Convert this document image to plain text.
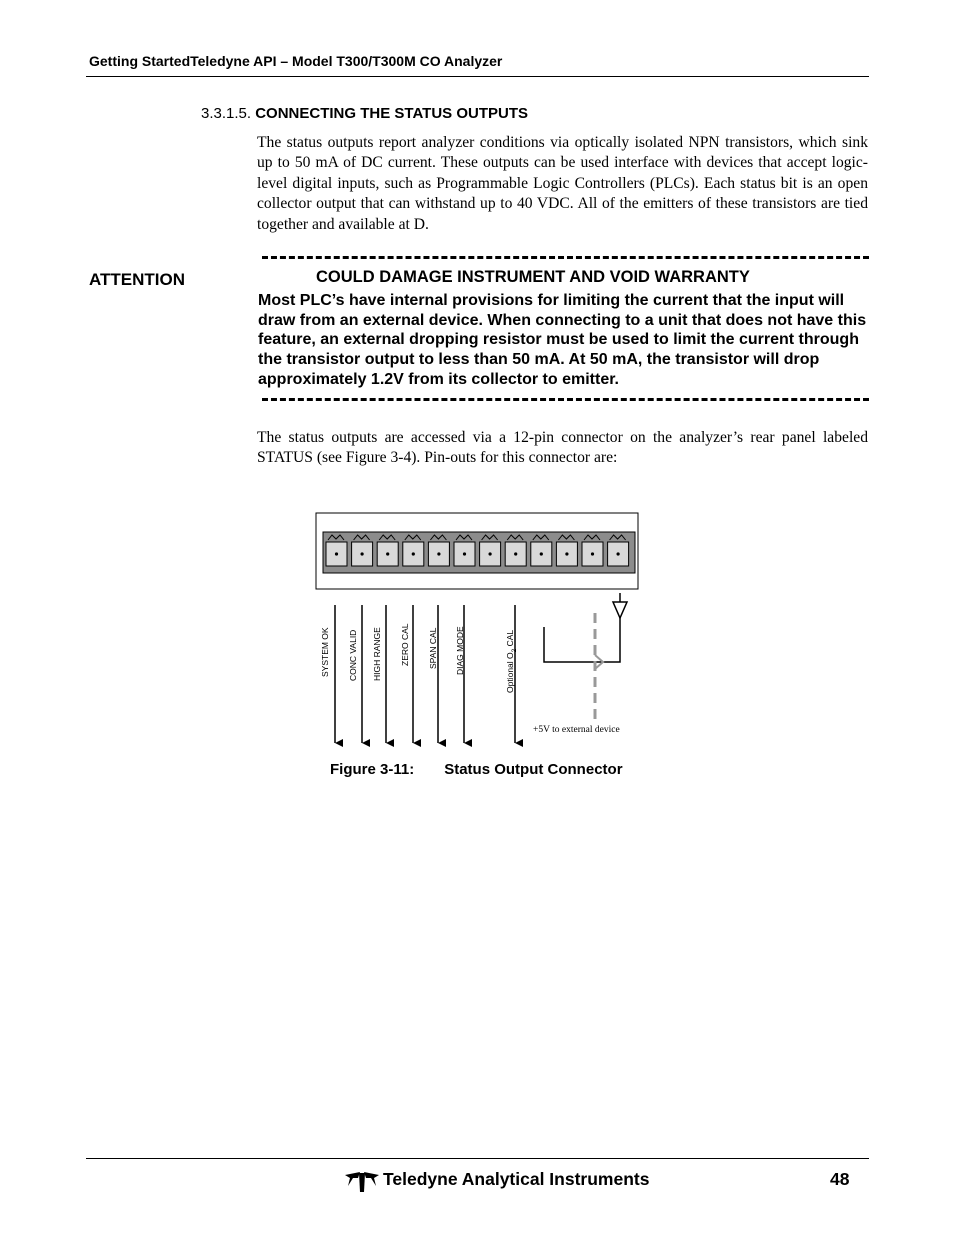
Getting StartedTeledyne API – Model T300/T300M CO Analyzer
3.3.1.5. CONNECTING THE STATUS OUTPUTS

The status outputs report analyzer conditions via optically isolated NPN transistors, which sink up to 50 mA of DC current. These outputs can be used interface with devices that accept logic-level digital inputs, such as Programmable Logic Controllers (PLCs). Each status bit is an open collector output that can withstand up to 40 VDC. All of the emitters of these transistors are tied together and available at D.

ATTENTION	COULD DAMAGE INSTRUMENT AND VOID WARRANTY

Most PLC’s have internal provisions for limiting the current that the input will draw from an external device. When connecting to a unit that does not have this feature, an external dropping resistor must be used to limit the current through the transistor output to less than 50 mA. At 50 mA, the transistor will drop approximately 1.2V from its collector to emitter.

The status outputs are accessed via a 12-pin connector on the analyzer’s rear panel labeled STATUS (see Figure 3-4). Pin-outs for this connector are:

SYSTEM OK CONC VALID HIGH RANGE ZERO CAL SPAN CAL DIAG MODE	Optional $O_2$ CAL
+5V to external device
Figure 3-11: Status Output Connector
Teledyne Analytical Instruments	48
